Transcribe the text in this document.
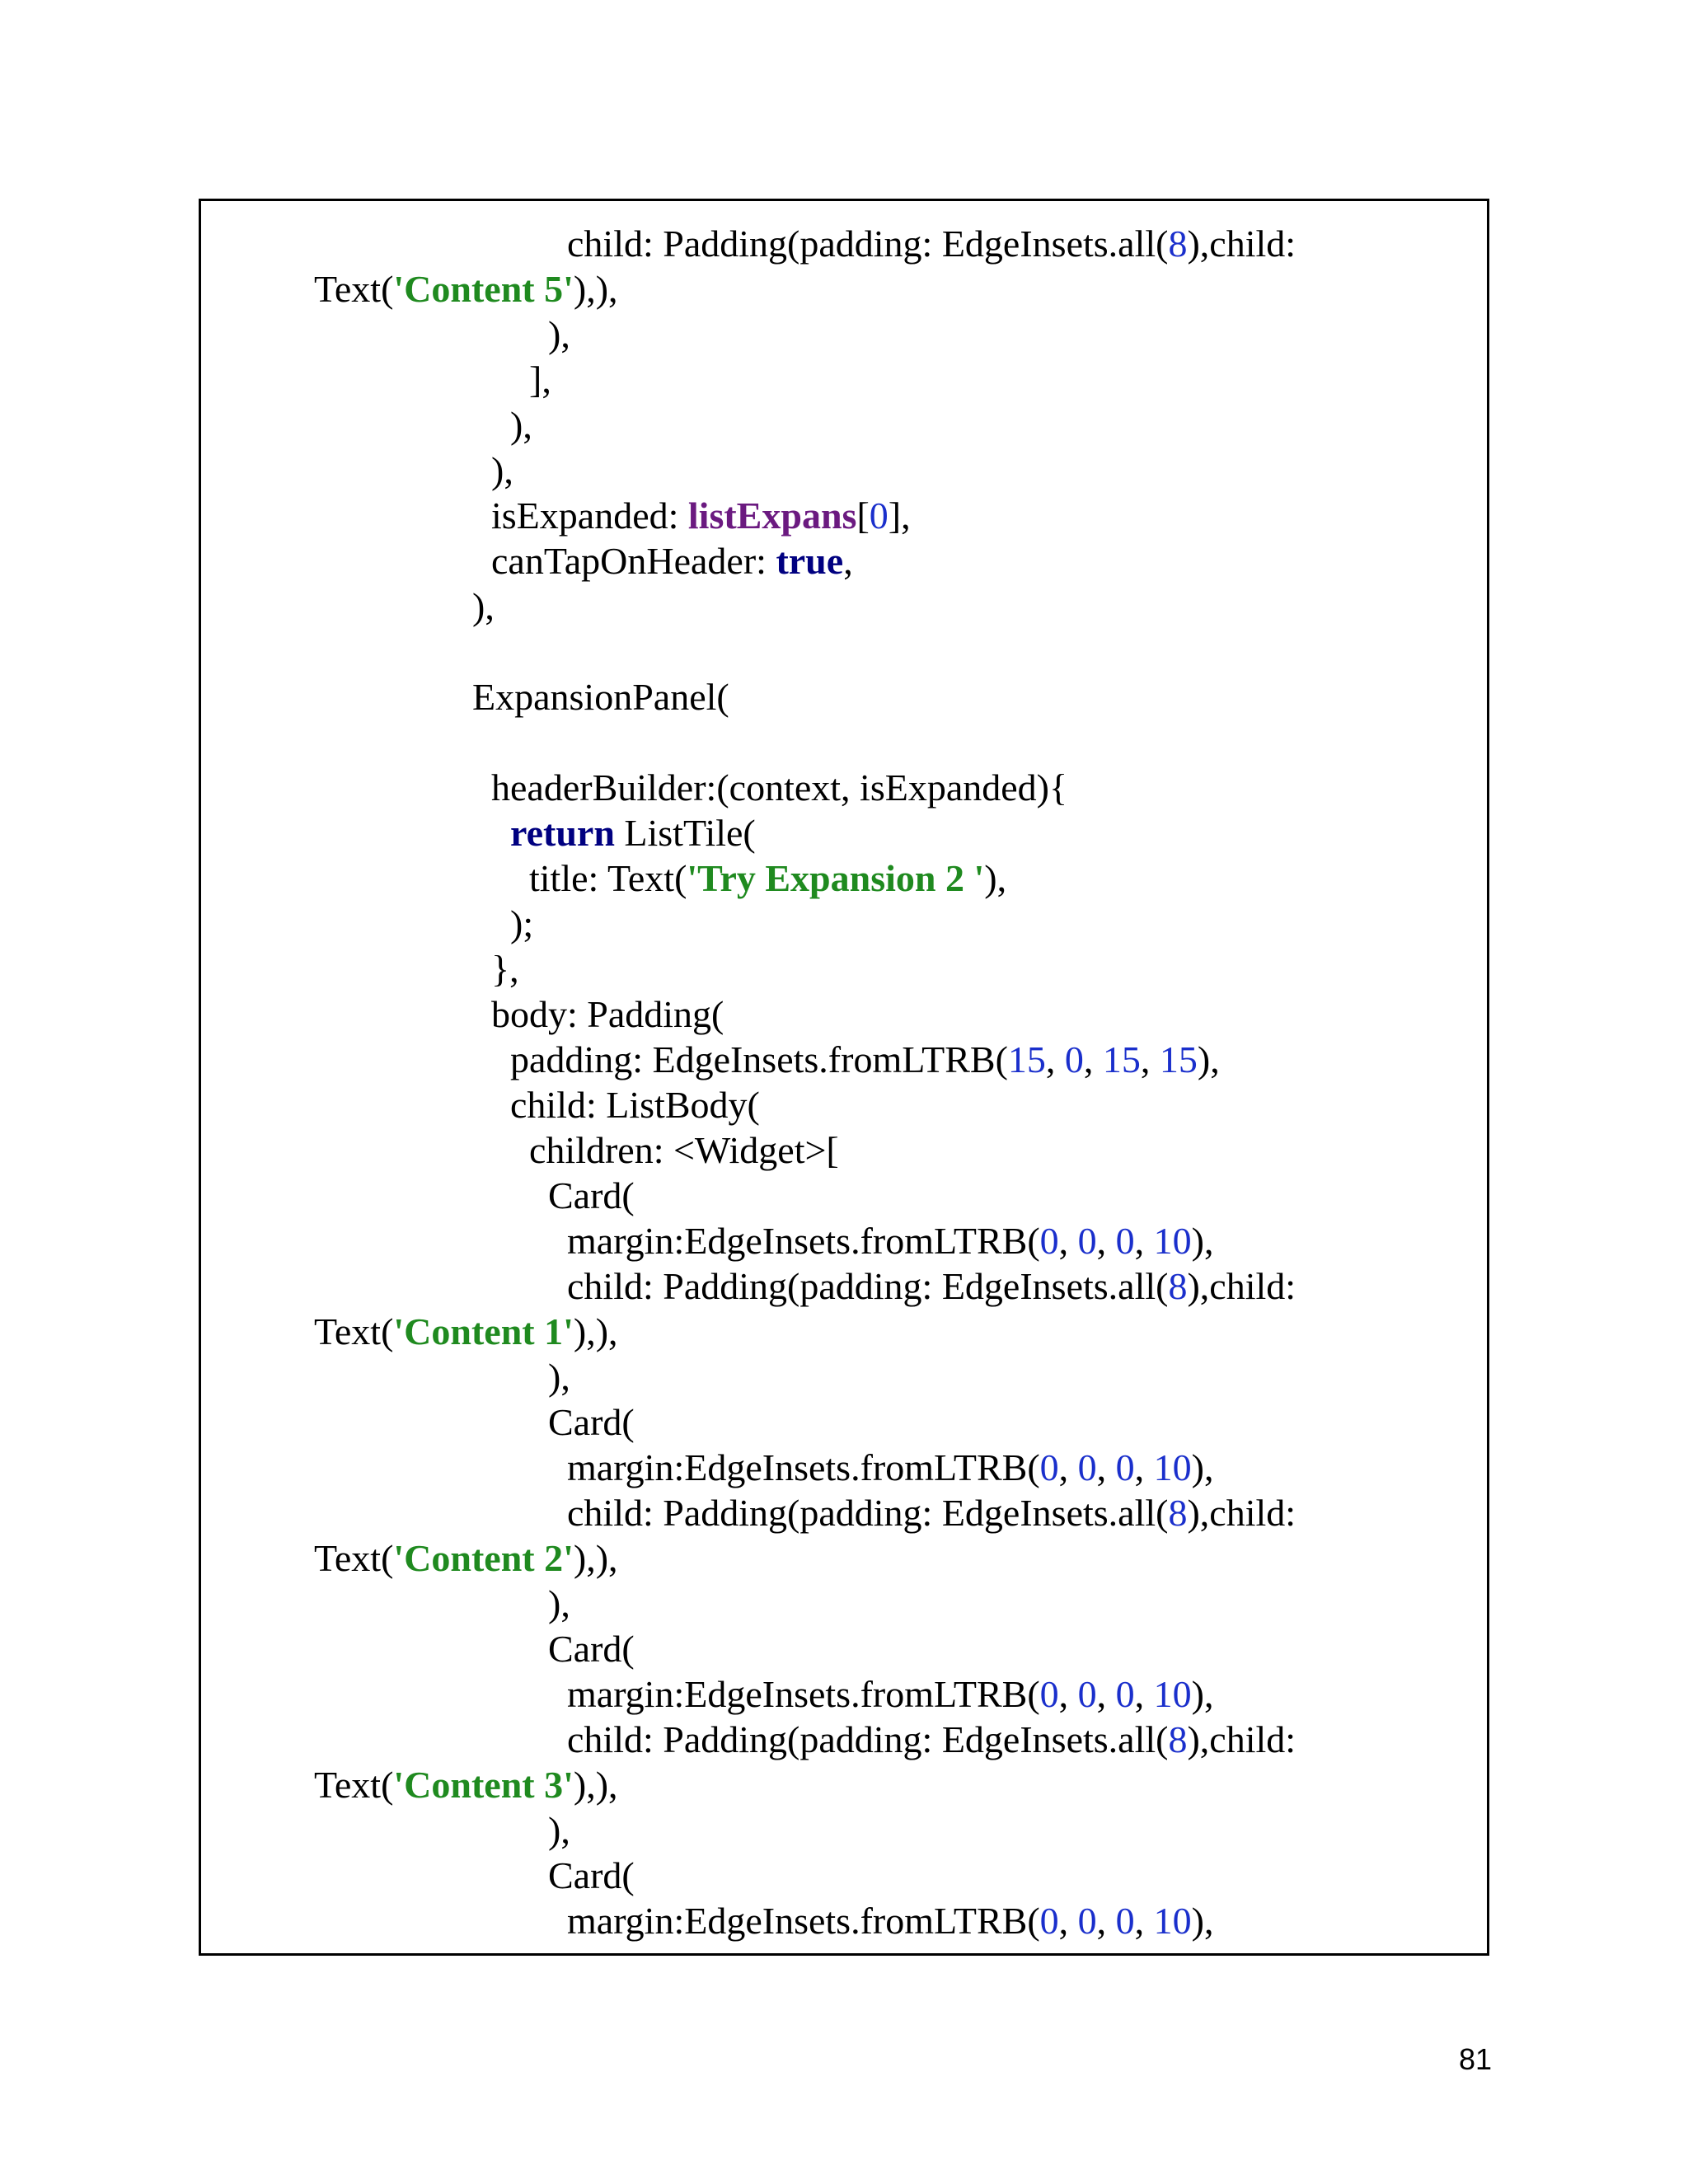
child: Padding(padding: EdgeInsets.all(8),child:
Text('Content 5'),),
),
],
),
),
isExpanded: listExpans[0],
canTapOnHeader: true,
),
ExpansionPanel(
headerBuilder:(context, isExpanded){
return ListTile(
title: Text('Try Expansion 2 '),
);
},
body: Padding(
padding: EdgeInsets.fromLTRB(15, 0, 15, 15),
child: ListBody(
children: <Widget>[
Card(
margin:EdgeInsets.fromLTRB(0, 0, 0, 10),
child: Padding(padding: EdgeInsets.all(8),child:
Text('Content 1'),),
),
Card(
margin:EdgeInsets.fromLTRB(0, 0, 0, 10),
child: Padding(padding: EdgeInsets.all(8),child:
Text('Content 2'),),
),
Card(
margin:EdgeInsets.fromLTRB(0, 0, 0, 10),
child: Padding(padding: EdgeInsets.all(8),child:
Text('Content 3'),),
),
Card(
margin:EdgeInsets.fromLTRB(0, 0, 0, 10),
81
